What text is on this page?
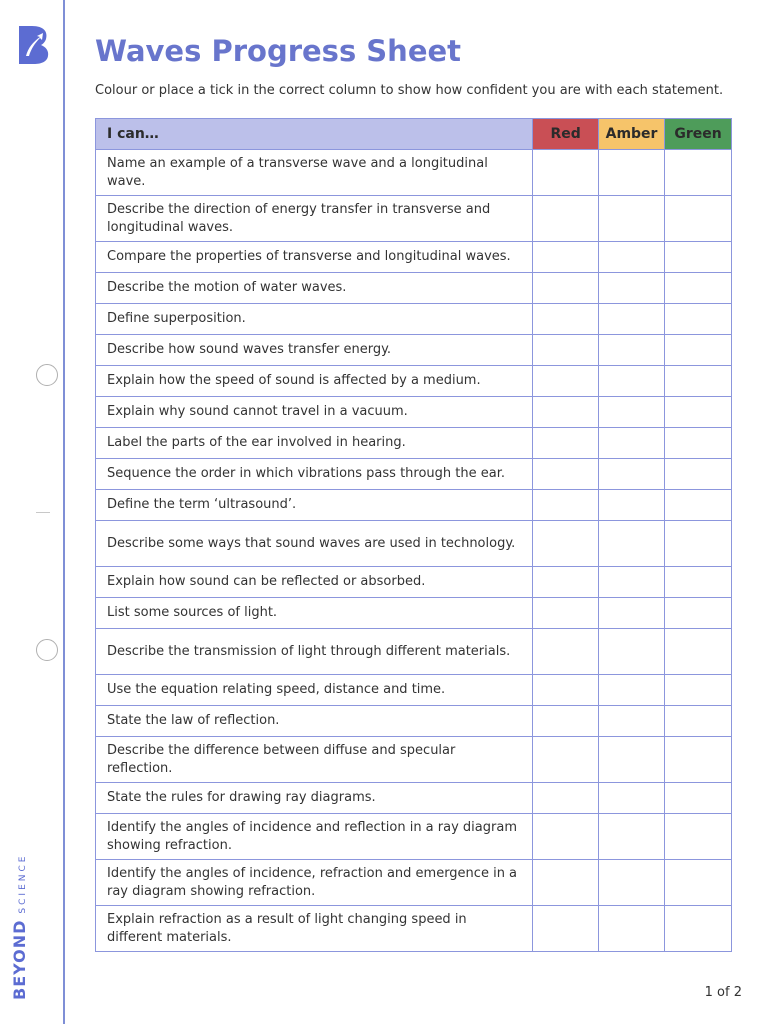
BEYONDSCIENCE
Waves Progress Sheet

Colour or place a tick in the correct column to show how confident you are with each statement.

I can…	Red	Amber	Green
Name an example of a transverse wave and a longitudinal wave.			
Describe the direction of energy transfer in transverse and longitudinal waves.			
Compare the properties of transverse and longitudinal waves.			
Describe the motion of water waves.			
Define superposition.			
Describe how sound waves transfer energy.			
Explain how the speed of sound is affected by a medium.			
Explain why sound cannot travel in a vacuum.			
Label the parts of the ear involved in hearing.			
Sequence the order in which vibrations pass through the ear.			
Define the term ‘ultrasound’.			
Describe some ways that sound waves are used in technology.			
Explain how sound can be reflected or absorbed.			
List some sources of light.			
Describe the transmission of light through different materials.			
Use the equation relating speed, distance and time.			
State the law of reflection.			
Describe the difference between diffuse and specular reflection.			
State the rules for drawing ray diagrams.			
Identify the angles of incidence and reflection in a ray diagram showing refraction.			
Identify the angles of incidence, refraction and emergence in a ray diagram showing refraction.			
Explain refraction as a result of light changing speed in different materials.			
1 of 2
